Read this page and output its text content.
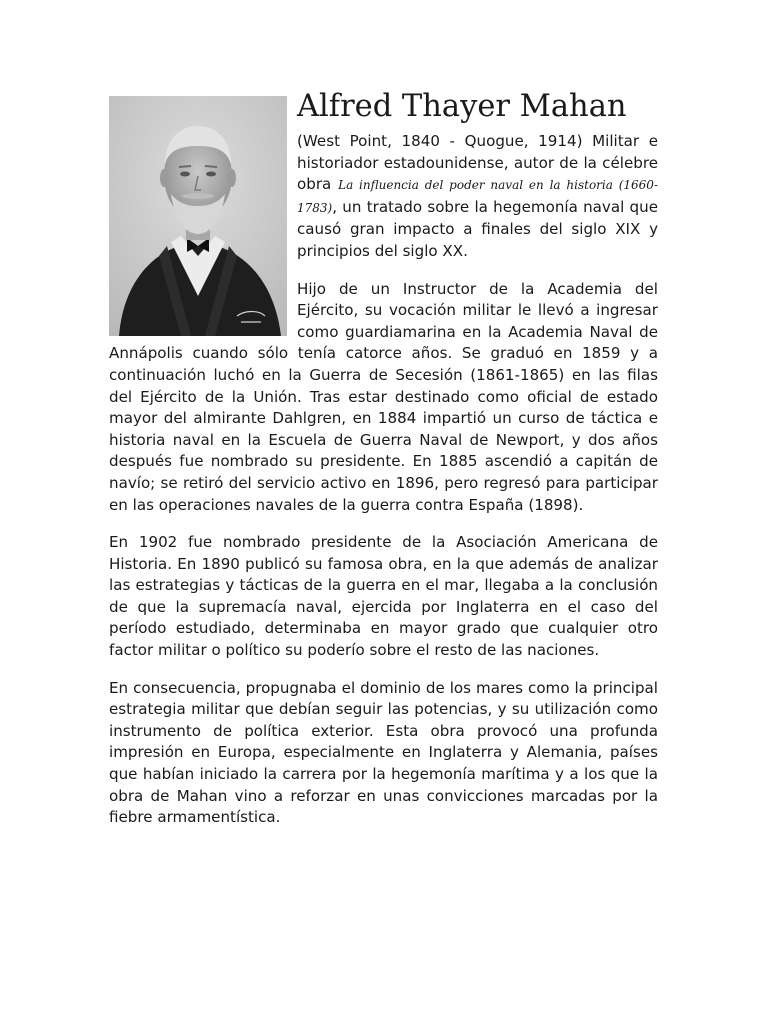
Alfred Thayer Mahan

(West Point, 1840 - Quogue, 1914) Militar e historiador estadounidense, autor de la célebre obra La influencia del poder naval en la historia (1660-1783), un tratado sobre la hegemonía naval que causó gran impacto a finales del siglo XIX y principios del siglo XX.

Hijo de un Instructor de la Academia del Ejército, su vocación militar le llevó a ingresar como guardiamarina en la Academia Naval de Annápolis cuando sólo tenía catorce años. Se graduó en 1859 y a continuación luchó en la Guerra de Secesión (1861-1865) en las filas del Ejército de la Unión. Tras estar destinado como oficial de estado mayor del almirante Dahlgren, en 1884 impartió un curso de táctica e historia naval en la Escuela de Guerra Naval de Newport, y dos años después fue nombrado su presidente. En 1885 ascendió a capitán de navío; se retiró del servicio activo en 1896, pero regresó para participar en las operaciones navales de la guerra contra España (1898).

En 1902 fue nombrado presidente de la Asociación Americana de Historia. En 1890 publicó su famosa obra, en la que además de analizar las estrategias y tácticas de la guerra en el mar, llegaba a la conclusión de que la supremacía naval, ejercida por Inglaterra en el caso del período estudiado, determinaba en mayor grado que cualquier otro factor militar o político su poderío sobre el resto de las naciones.

En consecuencia, propugnaba el dominio de los mares como la principal estrategia militar que debían seguir las potencias, y su utilización como instrumento de política exterior. Esta obra provocó una profunda impresión en Europa, especialmente en Inglaterra y Alemania, países que habían iniciado la carrera por la hegemonía marítima y a los que la obra de Mahan vino a reforzar en unas convicciones marcadas por la fiebre armamentística.
